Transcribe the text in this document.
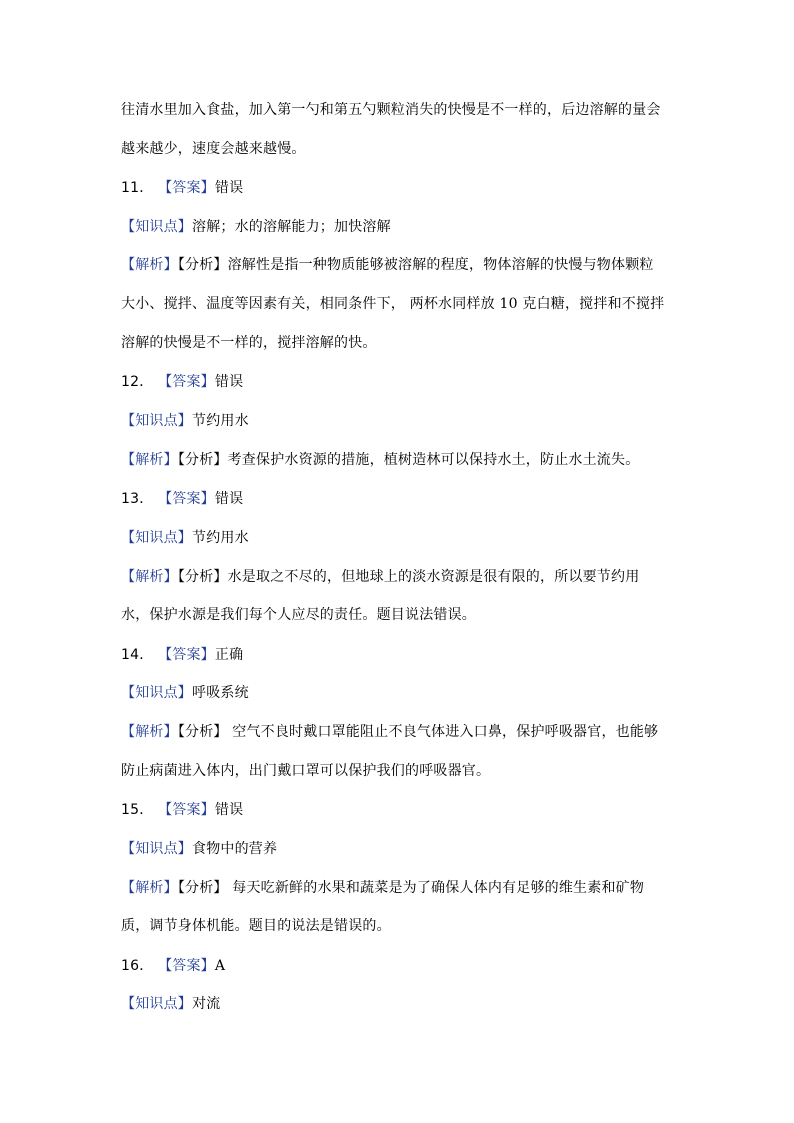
往清水里加入食盐，加入第一勺和第五勺颗粒消失的快慢是不一样的，后边溶解的量会
越来越少，速度会越来越慢。
11． 【答案】错误
【知识点】溶解；水的溶解能力；加快溶解
【解析】【分析】溶解性是指一种物质能够被溶解的程度，物体溶解的快慢与物体颗粒
大小、搅拌、温度等因素有关，相同条件下， 两杯水同样放 10 克白糖，搅拌和不搅拌
溶解的快慢是不一样的，搅拌溶解的快。
12． 【答案】错误
【知识点】节约用水
【解析】【分析】考查保护水资源的措施，植树造林可以保持水土，防止水土流失。
13． 【答案】错误
【知识点】节约用水
【解析】【分析】水是取之不尽的，但地球上的淡水资源是很有限的，所以要节约用
水，保护水源是我们每个人应尽的责任。题目说法错误。
14． 【答案】正确
【知识点】呼吸系统
【解析】【分析】 空气不良时戴口罩能阻止不良气体进入口鼻，保护呼吸器官，也能够
防止病菌进入体内，出门戴口罩可以保护我们的呼吸器官。
15． 【答案】错误
【知识点】食物中的营养
【解析】【分析】 每天吃新鲜的水果和蔬菜是为了确保人体内有足够的维生素和矿物
质，调节身体机能。题目的说法是错误的。
16． 【答案】A
【知识点】对流
